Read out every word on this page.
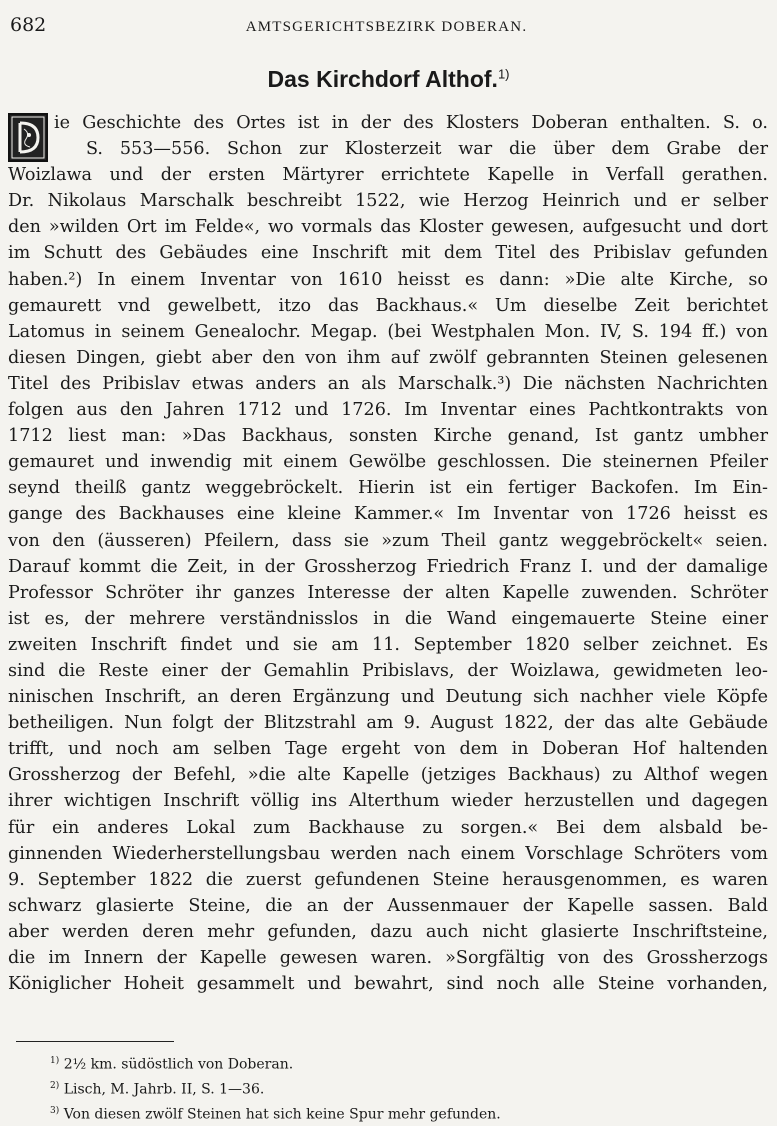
682	AMTSGERICHTSBEZIRK DOBERAN.
Das Kirchdorf Althof.$^{1)}$
ie Geschichte des Ortes ist in der des Klosters Doberan enthalten. S. o.
S. 553—556. Schon zur Klosterzeit war die über dem Grabe der
Woizlawa und der ersten Märtyrer errichtete Kapelle in Verfall gerathen.
Dr. Nikolaus Marschalk beschreibt 1522, wie Herzog Heinrich und er selber
den »wilden Ort im Felde«, wo vormals das Kloster gewesen, aufgesucht und dort
im Schutt des Gebäudes eine Inschrift mit dem Titel des Pribislav gefunden
haben.²) In einem Inventar von 1610 heisst es dann: »Die alte Kirche, so
gemaurett vnd gewelbett, itzo das Backhaus.« Um dieselbe Zeit berichtet
Latomus in seinem Genealochr. Megap. (bei Westphalen Mon. IV, S. 194 ff.) von
diesen Dingen, giebt aber den von ihm auf zwölf gebrannten Steinen gelesenen
Titel des Pribislav etwas anders an als Marschalk.³) Die nächsten Nachrichten
folgen aus den Jahren 1712 und 1726. Im Inventar eines Pachtkontrakts von
1712 liest man: »Das Backhaus, sonsten Kirche genand, Ist gantz umbher
gemauret und inwendig mit einem Gewölbe geschlossen. Die steinernen Pfeiler
seynd theilß gantz weggebröckelt. Hierin ist ein fertiger Backofen. Im Ein-
gange des Backhauses eine kleine Kammer.« Im Inventar von 1726 heisst es
von den (äusseren) Pfeilern, dass sie »zum Theil gantz weggebröckelt« seien.
Darauf kommt die Zeit, in der Grossherzog Friedrich Franz I. und der damalige
Professor Schröter ihr ganzes Interesse der alten Kapelle zuwenden. Schröter
ist es, der mehrere verständnisslos in die Wand eingemauerte Steine einer
zweiten Inschrift findet und sie am 11. September 1820 selber zeichnet. Es
sind die Reste einer der Gemahlin Pribislavs, der Woizlawa, gewidmeten leo-
ninischen Inschrift, an deren Ergänzung und Deutung sich nachher viele Köpfe
betheiligen. Nun folgt der Blitzstrahl am 9. August 1822, der das alte Gebäude
trifft, und noch am selben Tage ergeht von dem in Doberan Hof haltenden
Grossherzog der Befehl, »die alte Kapelle (jetziges Backhaus) zu Althof wegen
ihrer wichtigen Inschrift völlig ins Alterthum wieder herzustellen und dagegen
für ein anderes Lokal zum Backhause zu sorgen.« Bei dem alsbald be-
ginnenden Wiederherstellungsbau werden nach einem Vorschlage Schröters vom
9. September 1822 die zuerst gefundenen Steine herausgenommen, es waren
schwarz glasierte Steine, die an der Aussenmauer der Kapelle sassen. Bald
aber werden deren mehr gefunden, dazu auch nicht glasierte Inschriftsteine,
die im Innern der Kapelle gewesen waren. »Sorgfältig von des Grossherzogs
Königlicher Hoheit gesammelt und bewahrt, sind noch alle Steine vorhanden,
$^{1)}$ 2½ km. südöstlich von Doberan.
$^{2)}$ Lisch, M. Jahrb. II, S. 1—36.
$^{3)}$ Von diesen zwölf Steinen hat sich keine Spur mehr gefunden.
